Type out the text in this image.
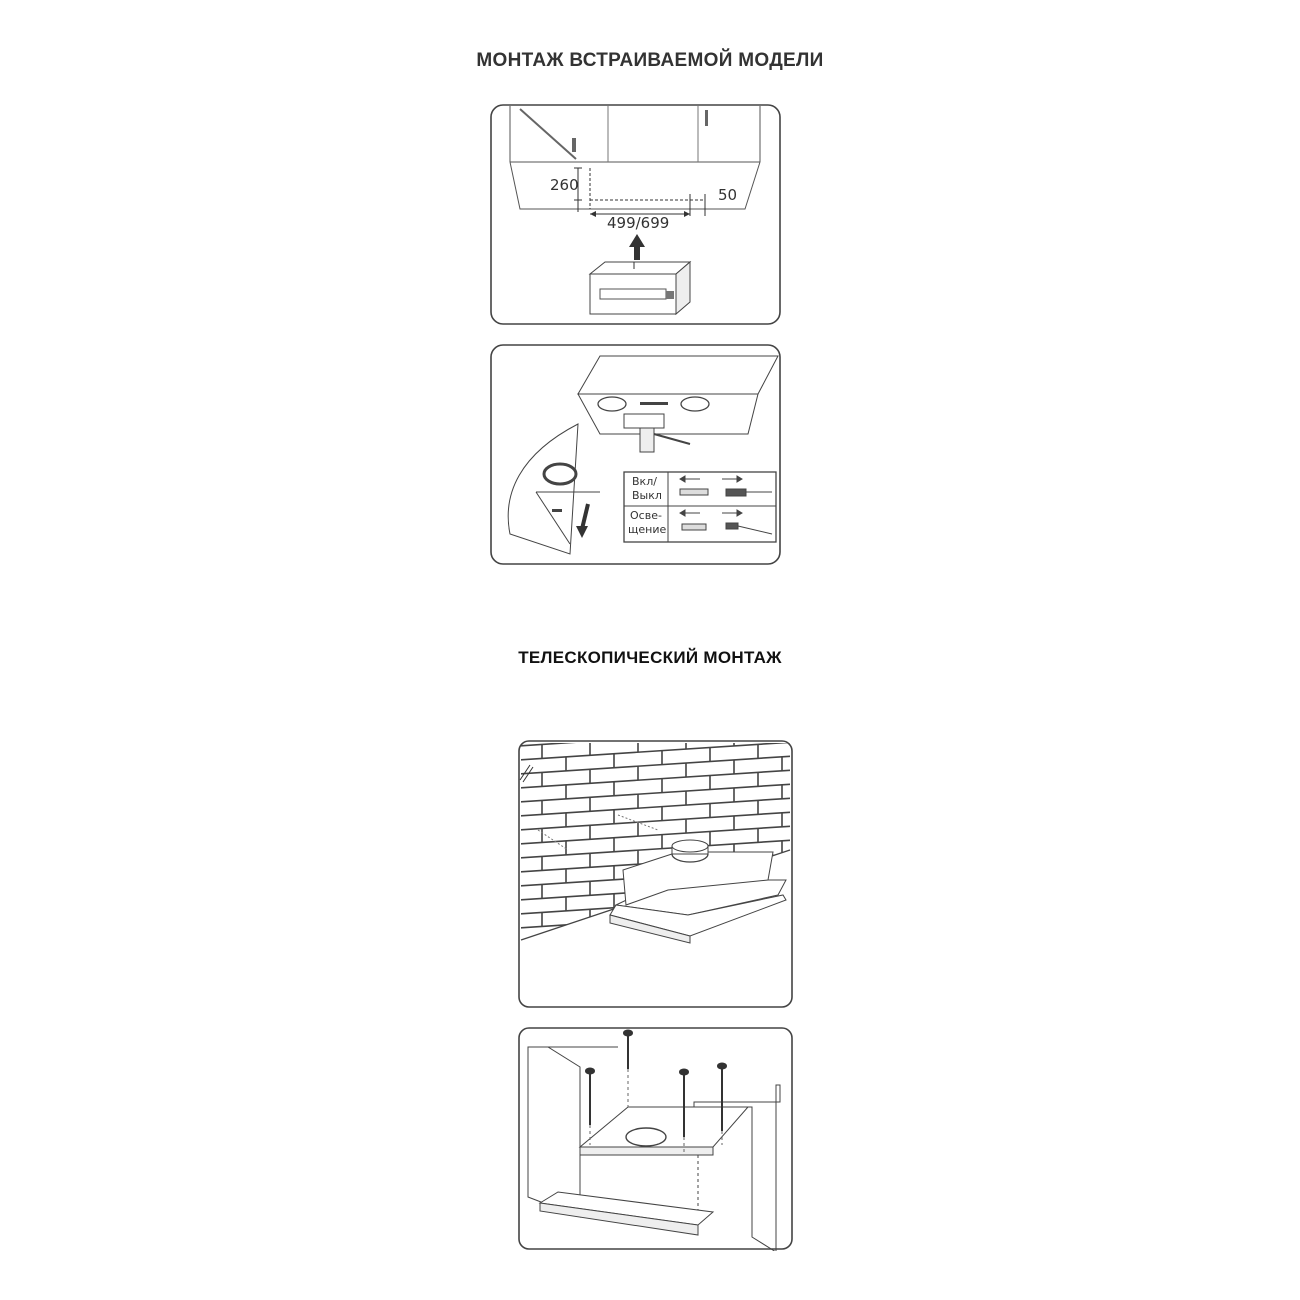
МОНТАЖ ВСТРАИВАЕМОЙ МОДЕЛИ
260
50
499/699
Вкл/
Выкл
Осве-
щение
ТЕЛЕСКОПИЧЕСКИЙ МОНТАЖ
